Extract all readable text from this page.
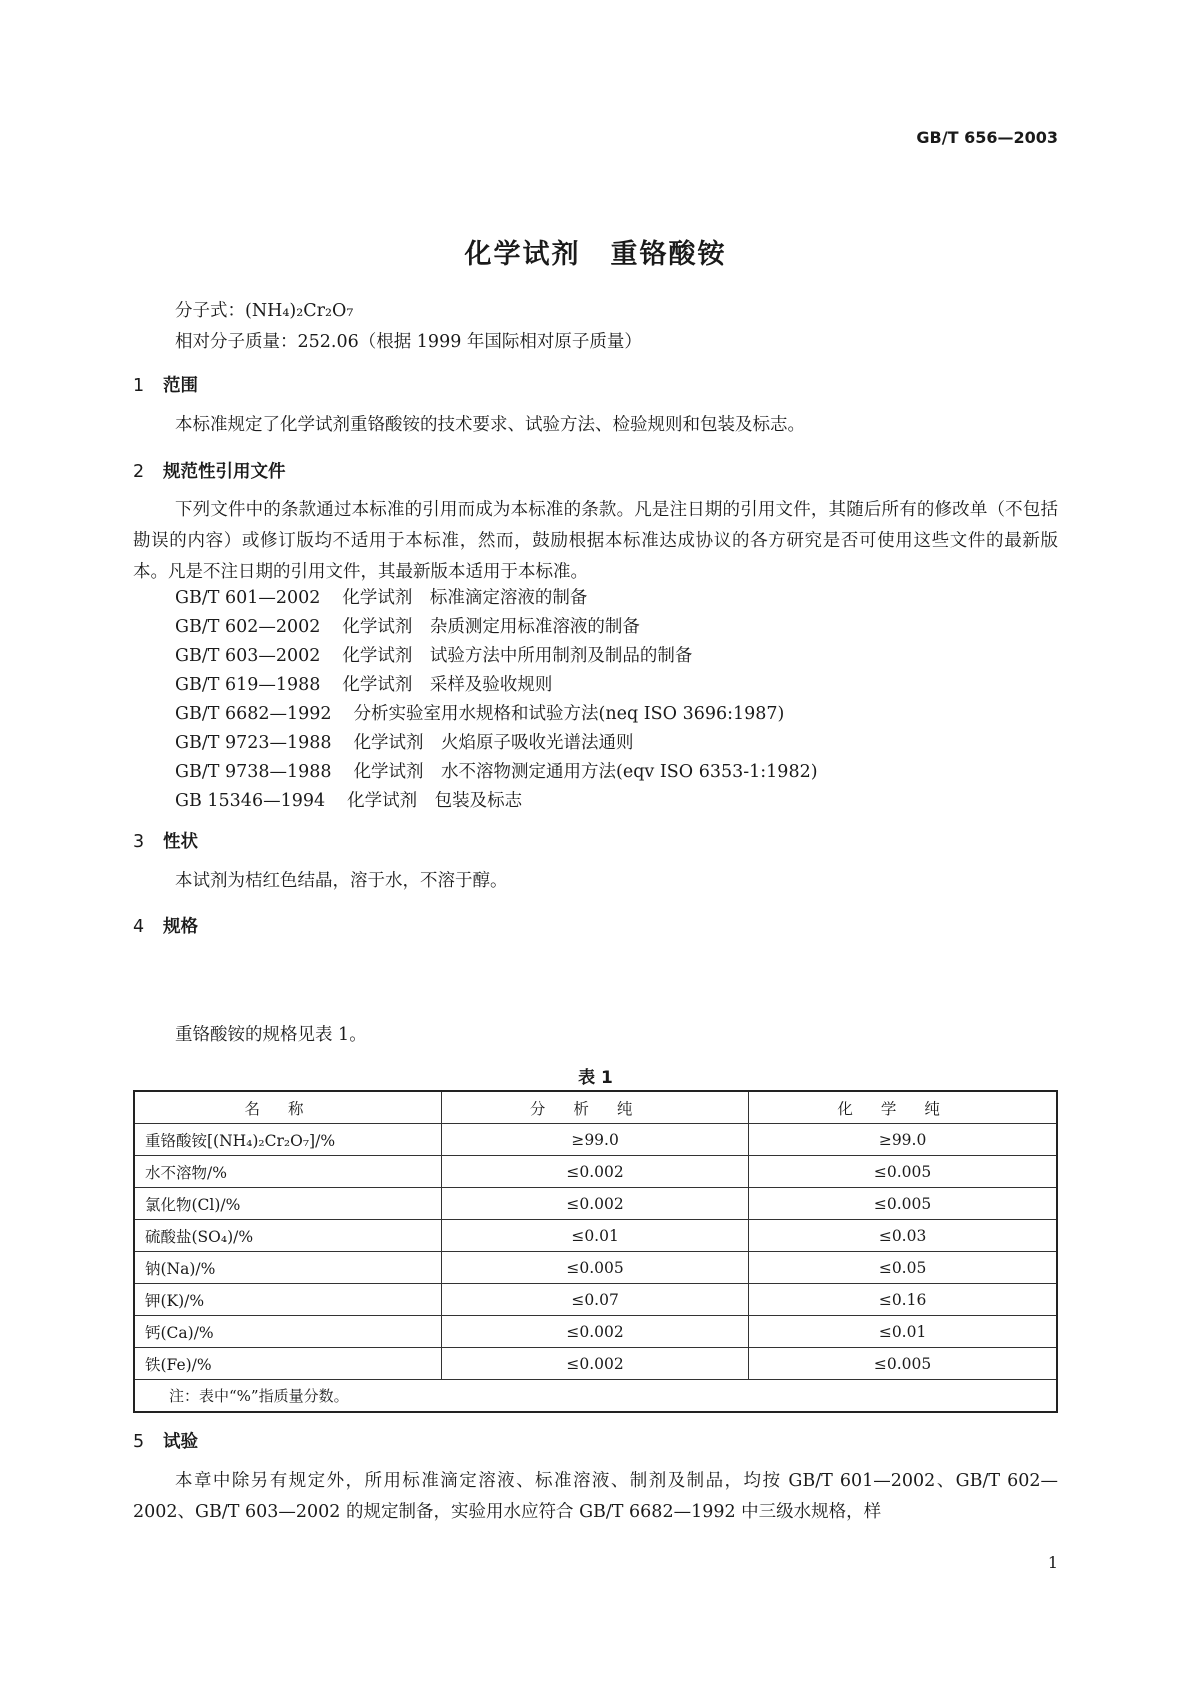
GB/T 656—2003
化学试剂 重铬酸铵
分子式：(NH₄)₂Cr₂O₇
相对分子质量：252.06（根据 1999 年国际相对原子质量）
1 范围
本标准规定了化学试剂重铬酸铵的技术要求、试验方法、检验规则和包装及标志。
2 规范性引用文件
下列文件中的条款通过本标准的引用而成为本标准的条款。凡是注日期的引用文件，其随后所有的修改单（不包括勘误的内容）或修订版均不适用于本标准，然而，鼓励根据本标准达成协议的各方研究是否可使用这些文件的最新版本。凡是不注日期的引用文件，其最新版本适用于本标准。
GB/T 601—2002 化学试剂　标准滴定溶液的制备
GB/T 602—2002 化学试剂　杂质测定用标准溶液的制备
GB/T 603—2002 化学试剂　试验方法中所用制剂及制品的制备
GB/T 619—1988 化学试剂　采样及验收规则
GB/T 6682—1992 分析实验室用水规格和试验方法(neq ISO 3696:1987)
GB/T 9723—1988 化学试剂　火焰原子吸收光谱法通则
GB/T 9738—1988 化学试剂　水不溶物测定通用方法(eqv ISO 6353-1:1982)
GB 15346—1994 化学试剂　包装及标志
3 性状
本试剂为桔红色结晶，溶于水，不溶于醇。
4 规格
重铬酸铵的规格见表 1。
表 1
名称	分析纯	化学纯
重铬酸铵[(NH₄)₂Cr₂O₇]/%	≥99.0	≥99.0
水不溶物/%	≤0.002	≤0.005
氯化物(Cl)/%	≤0.002	≤0.005
硫酸盐(SO₄)/%	≤0.01	≤0.03
钠(Na)/%	≤0.005	≤0.05
钾(K)/%	≤0.07	≤0.16
钙(Ca)/%	≤0.002	≤0.01
铁(Fe)/%	≤0.002	≤0.005
注：表中“%”指质量分数。		
5 试验
本章中除另有规定外，所用标准滴定溶液、标准溶液、制剂及制品，均按 GB/T 601—2002、GB/T 602—2002、GB/T 603—2002 的规定制备，实验用水应符合 GB/T 6682—1992 中三级水规格，样
1
